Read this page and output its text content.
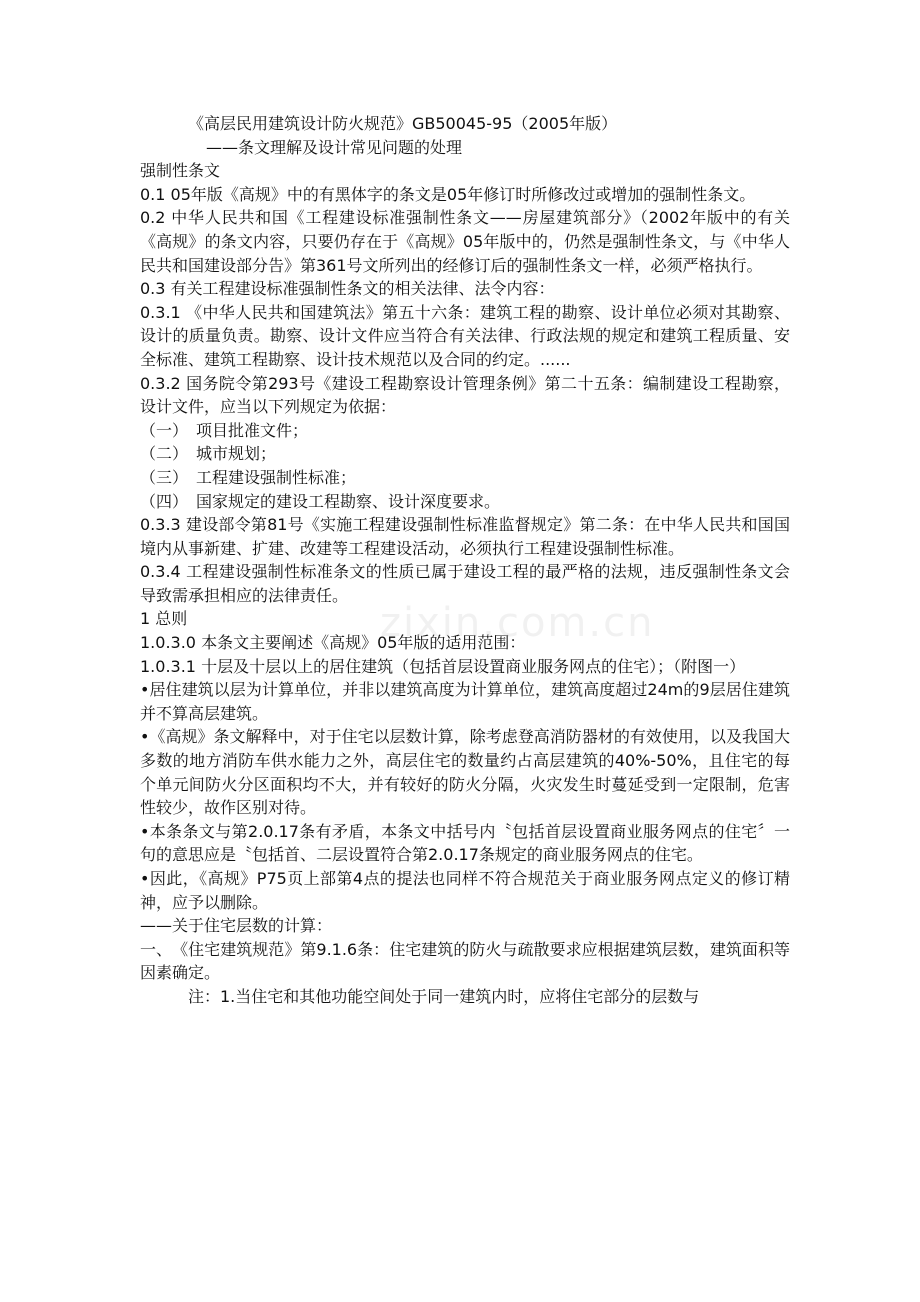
《高层民用建筑设计防火规范》GB50045-95（2005年版）

——条文理解及设计常见问题的处理

强制性条文

0.1 05年版《高规》中的有黑体字的条文是05年修订时所修改过或增加的强制性条文。

0.2 中华人民共和国《工程建设标准强制性条文——房屋建筑部分》（2002年版中的有关《高规》的条文内容，只要仍存在于《高规》05年版中的，仍然是强制性条文，与《中华人民共和国建设部分告》第361号文所列出的经修订后的强制性条文一样，必须严格执行。

0.3 有关工程建设标准强制性条文的相关法律、法令内容：

0.3.1 《中华人民共和国建筑法》第五十六条：建筑工程的勘察、设计单位必须对其勘察、设计的质量负责。勘察、设计文件应当符合有关法律、行政法规的规定和建筑工程质量、安全标准、建筑工程勘察、设计技术规范以及合同的约定。......

0.3.2 国务院令第293号《建设工程勘察设计管理条例》第二十五条：编制建设工程勘察，设计文件，应当以下列规定为依据：

（一）　项目批准文件；

（二）　城市规划；

（三）　工程建设强制性标准；

（四）　国家规定的建设工程勘察、设计深度要求。

0.3.3 建设部令第81号《实施工程建设强制性标准监督规定》第二条：在中华人民共和国国境内从事新建、扩建、改建等工程建设活动，必须执行工程建设强制性标准。

0.3.4 工程建设强制性标准条文的性质已属于建设工程的最严格的法规，违反强制性条文会导致需承担相应的法律责任。

1 总则

1.0.3.0 本条文主要阐述《高规》05年版的适用范围：

1.0.3.1 十层及十层以上的居住建筑（包括首层设置商业服务网点的住宅）；（附图一）

•居住建筑以层为计算单位，并非以建筑高度为计算单位，建筑高度超过24m的9层居住建筑并不算高层建筑。

•《高规》条文解释中，对于住宅以层数计算，除考虑登高消防器材的有效使用，以及我国大多数的地方消防车供水能力之外，高层住宅的数量约占高层建筑的40%-50%，且住宅的每个单元间防火分区面积均不大，并有较好的防火分隔，火灾发生时蔓延受到一定限制，危害性较少，故作区别对待。

•本条条文与第2.0.17条有矛盾，本条文中括号内〝包括首层设置商业服务网点的住宅〞一句的意思应是〝包括首、二层设置符合第2.0.17条规定的商业服务网点的住宅。

•因此，《高规》P75页上部第4点的提法也同样不符合规范关于商业服务网点定义的修订精神，应予以删除。

——关于住宅层数的计算：

一、　《住宅建筑规范》第9.1.6条：住宅建筑的防火与疏散要求应根据建筑层数，建筑面积等因素确定。

注：1.当住宅和其他功能空间处于同一建筑内时，应将住宅部分的层数与

zixin.com.cn
